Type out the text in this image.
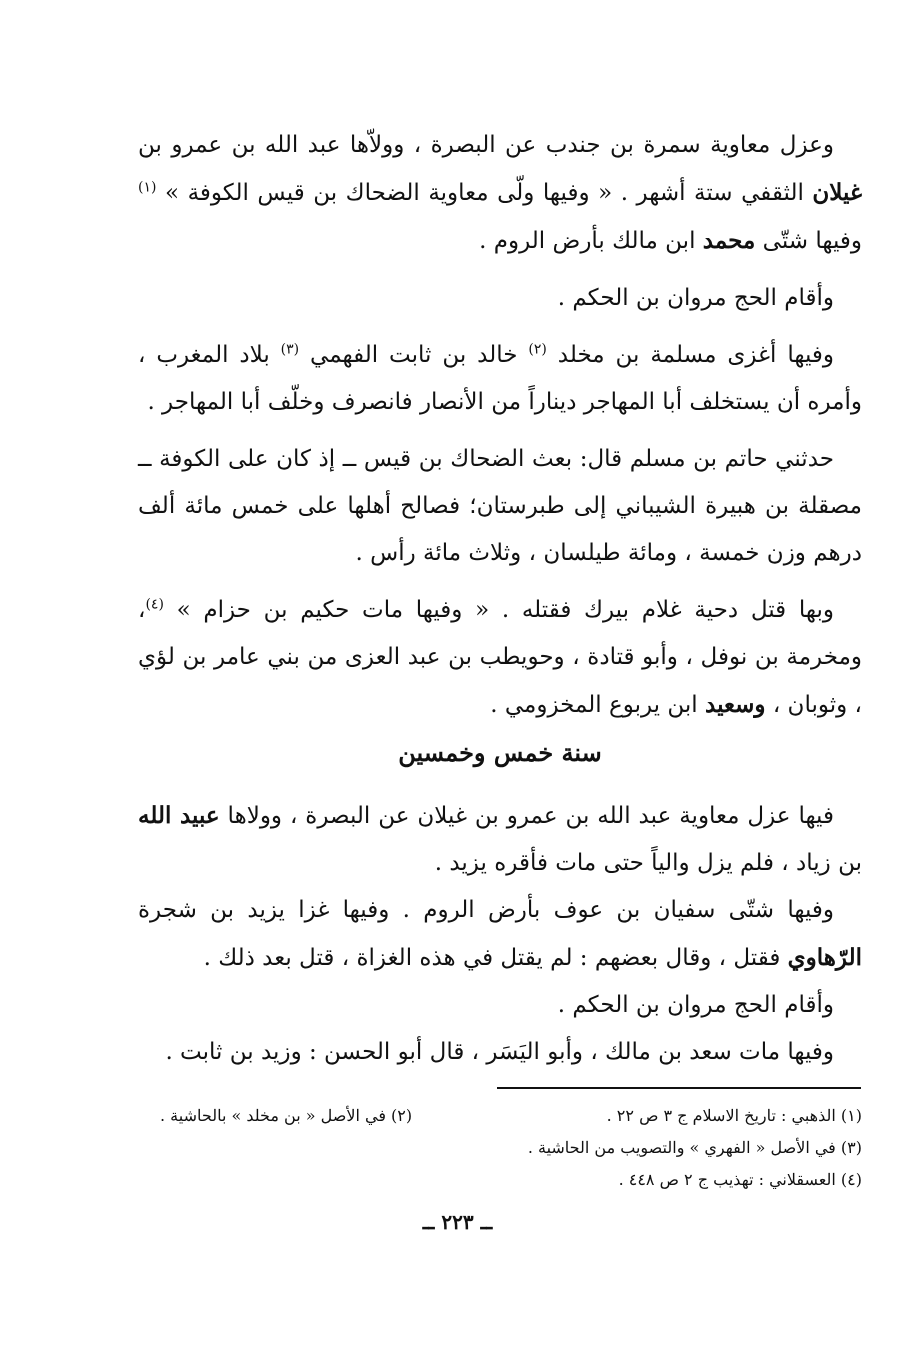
وعزل معاوية سمرة بن جندب عن البصرة ، وولاّها عبد الله بن عمرو بن غيلان الثقفي ستة أشهر . « وفيها ولّى معاوية الضحاك بن قيس الكوفة » $^{(١)}$ وفيها شتّى محمد ابن مالك بأرض الروم .

وأقام الحج مروان بن الحكم .

وفيها أغزى مسلمة بن مخلد $^{(٢)}$ خالد بن ثابت الفهمي $^{(٣)}$ بلاد المغرب ، وأمره أن يستخلف أبا المهاجر ديناراً من الأنصار فانصرف وخلّف أبا المهاجر .

حدثني حاتم بن مسلم قال: بعث الضحاك بن قيس ــ إذ كان على الكوفة ــ مصقلة بن هبيرة الشيباني إلى طبرستان؛ فصالح أهلها على خمس مائة ألف درهم وزن خمسة ، ومائة طيلسان ، وثلاث مائة رأس .

وبها قتل دحية غلام بيرك فقتله . « وفيها مات حكيم بن حزام » $^{(٤)}$، ومخرمة بن نوفل ، وأبو قتادة ، وحويطب بن عبد العزى من بني عامر بن لؤي ، وثوبان ، وسعيد ابن يربوع المخزومي .

سنة خمس وخمسين

فيها عزل معاوية عبد الله بن عمرو بن غيلان عن البصرة ، وولاها عبيد الله بن زياد ، فلم يزل والياً حتى مات فأقره يزيد .

وفيها شتّى سفيان بن عوف بأرض الروم . وفيها غزا يزيد بن شجرة الرّهاوي فقتل ، وقال بعضهم : لم يقتل في هذه الغزاة ، قتل بعد ذلك .

وأقام الحج مروان بن الحكم .

وفيها مات سعد بن مالك ، وأبو اليَسَر ، قال أبو الحسن : وزيد بن ثابت .

(١) الذهبي : تاريخ الاسلام ج ٣ ص ٢٢ .
(٢) في الأصل « بن مخلد » بالحاشية .
(٣) في الأصل « الفهري » والتصويب من الحاشية .
(٤) العسقلاني : تهذيب ج ٢ ص ٤٤٨ .
ــ ٢٢٣ ــ
